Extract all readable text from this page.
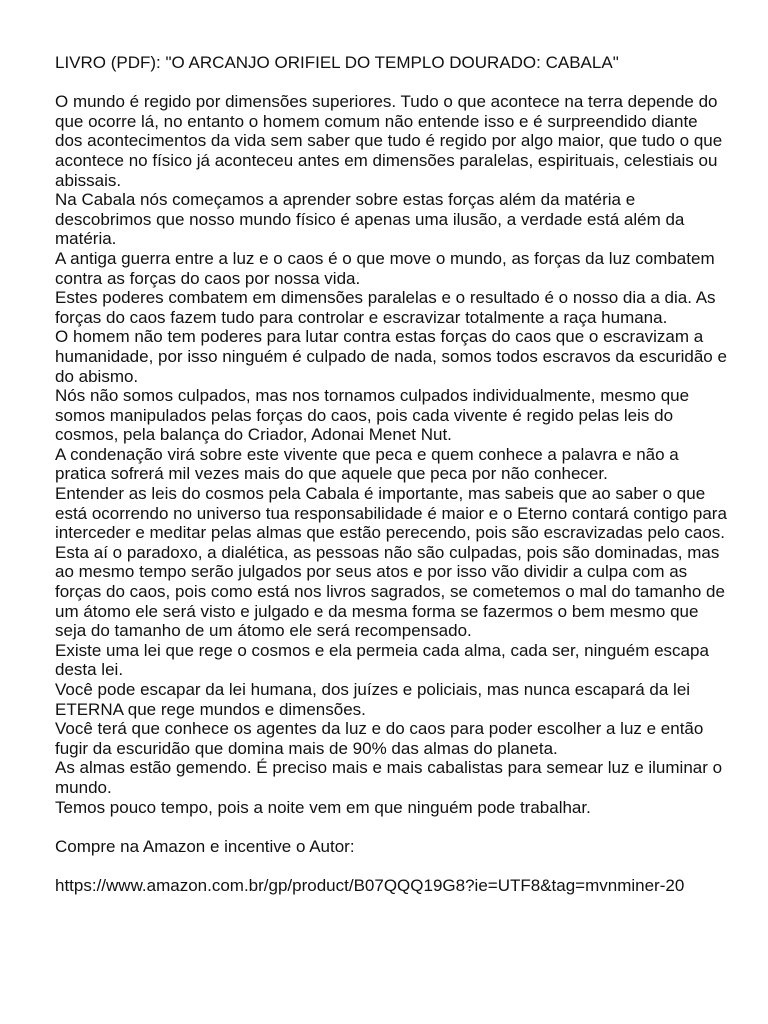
LIVRO (PDF): "O ARCANJO ORIFIEL DO TEMPLO DOURADO: CABALA"

O mundo é regido por dimensões superiores. Tudo o que acontece na terra depende do que ocorre lá, no entanto o homem comum não entende isso e é surpreendido diante dos acontecimentos da vida sem saber que tudo é regido por algo maior, que tudo o que acontece no físico já aconteceu antes em dimensões paralelas, espirituais, celestiais ou abissais.

Na Cabala nós começamos a aprender sobre estas forças além da matéria e descobrimos que nosso mundo físico é apenas uma ilusão, a verdade está além da matéria.

A antiga guerra entre a luz e o caos é o que move o mundo, as forças da luz combatem contra as forças do caos por nossa vida.

Estes poderes combatem em dimensões paralelas e o resultado é o nosso dia a dia. As forças do caos fazem tudo para controlar e escravizar totalmente a raça humana.

O homem não tem poderes para lutar contra estas forças do caos que o escravizam a humanidade, por isso ninguém é culpado de nada, somos todos escravos da escuridão e do abismo.

Nós não somos culpados, mas nos tornamos culpados individualmente, mesmo que somos manipulados pelas forças do caos, pois cada vivente é regido pelas leis do cosmos, pela balança do Criador, Adonai Menet Nut.

A condenação virá sobre este vivente que peca e quem conhece a palavra e não a pratica sofrerá mil vezes mais do que aquele que peca por não conhecer.

Entender as leis do cosmos pela Cabala é importante, mas sabeis que ao saber o que está ocorrendo no universo tua responsabilidade é maior e o Eterno contará contigo para interceder e meditar pelas almas que estão perecendo, pois são escravizadas pelo caos.

Esta aí o paradoxo, a dialética, as pessoas não são culpadas, pois são dominadas, mas ao mesmo tempo serão julgados por seus atos e por isso vão dividir a culpa com as forças do caos, pois como está nos livros sagrados, se cometemos o mal do tamanho de um átomo ele será visto e julgado e da mesma forma se fazermos o bem mesmo que seja do tamanho de um átomo ele será recompensado.

Existe uma lei que rege o cosmos e ela permeia cada alma, cada ser, ninguém escapa desta lei.

Você pode escapar da lei humana, dos juízes e policiais, mas nunca escapará da lei ETERNA que rege mundos e dimensões.

Você terá que conhece os agentes da luz e do caos para poder escolher a luz e então fugir da escuridão que domina mais de 90% das almas do planeta.

As almas estão gemendo. É preciso mais e mais cabalistas para semear luz e iluminar o mundo.

Temos pouco tempo, pois a noite vem em que ninguém pode trabalhar.

Compre na Amazon e incentive o Autor:

https://www.amazon.com.br/gp/product/B07QQQ19G8?ie=UTF8&tag=mvnminer-20
